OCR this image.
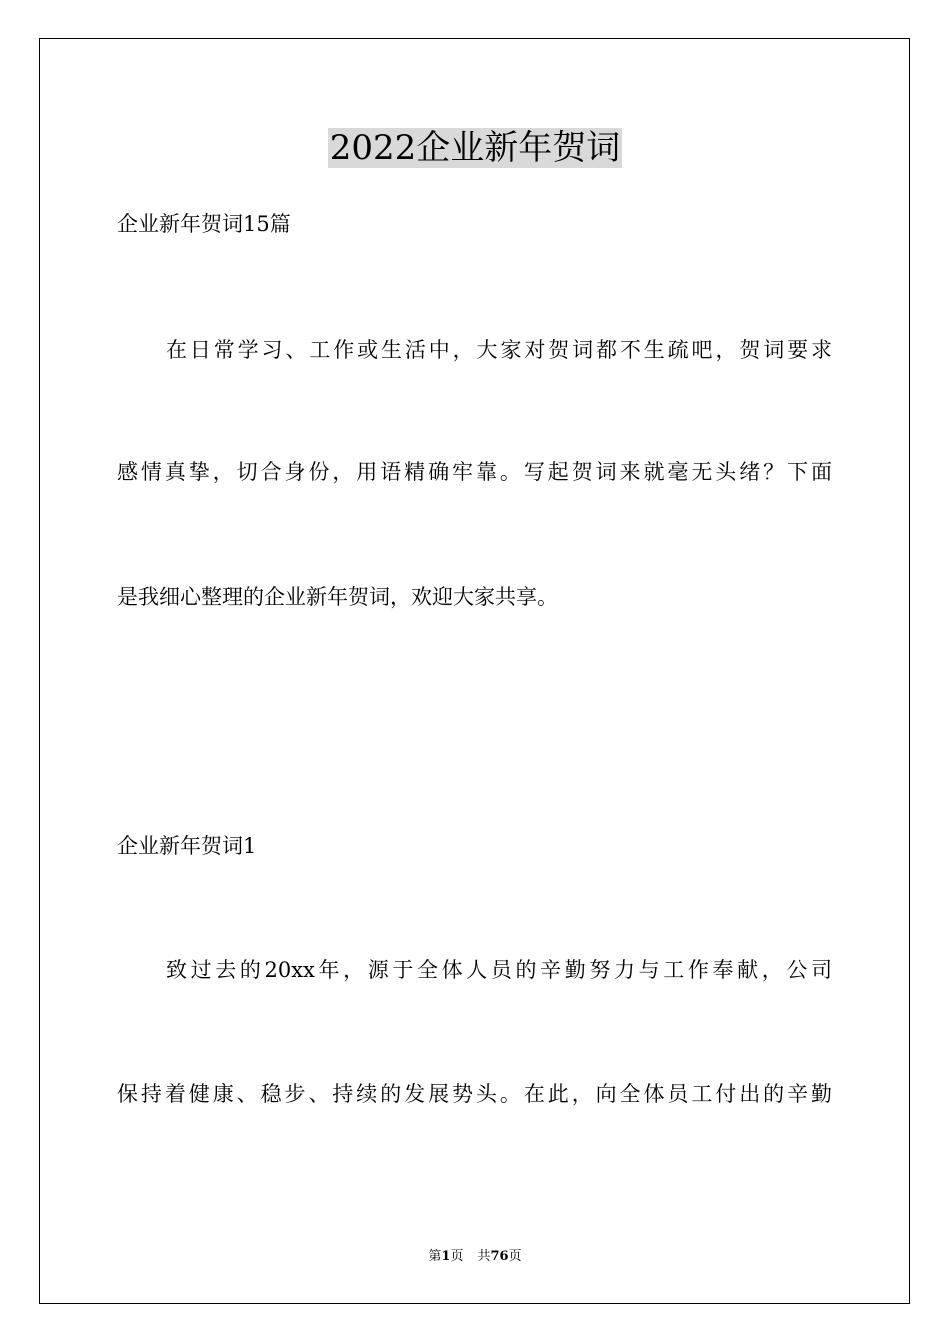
2022企业新年贺词
企业新年贺词15篇
在日常学习、工作或生活中，大家对贺词都不生疏吧，贺词要求
感情真挚，切合身份，用语精确牢靠。写起贺词来就毫无头绪？下面
是我细心整理的企业新年贺词，欢迎大家共享。
企业新年贺词1
致过去的20xx年，源于全体人员的辛勤努力与工作奉献，公司
保持着健康、稳步、持续的发展势头。在此，向全体员工付出的辛勤
第1页 共76页
